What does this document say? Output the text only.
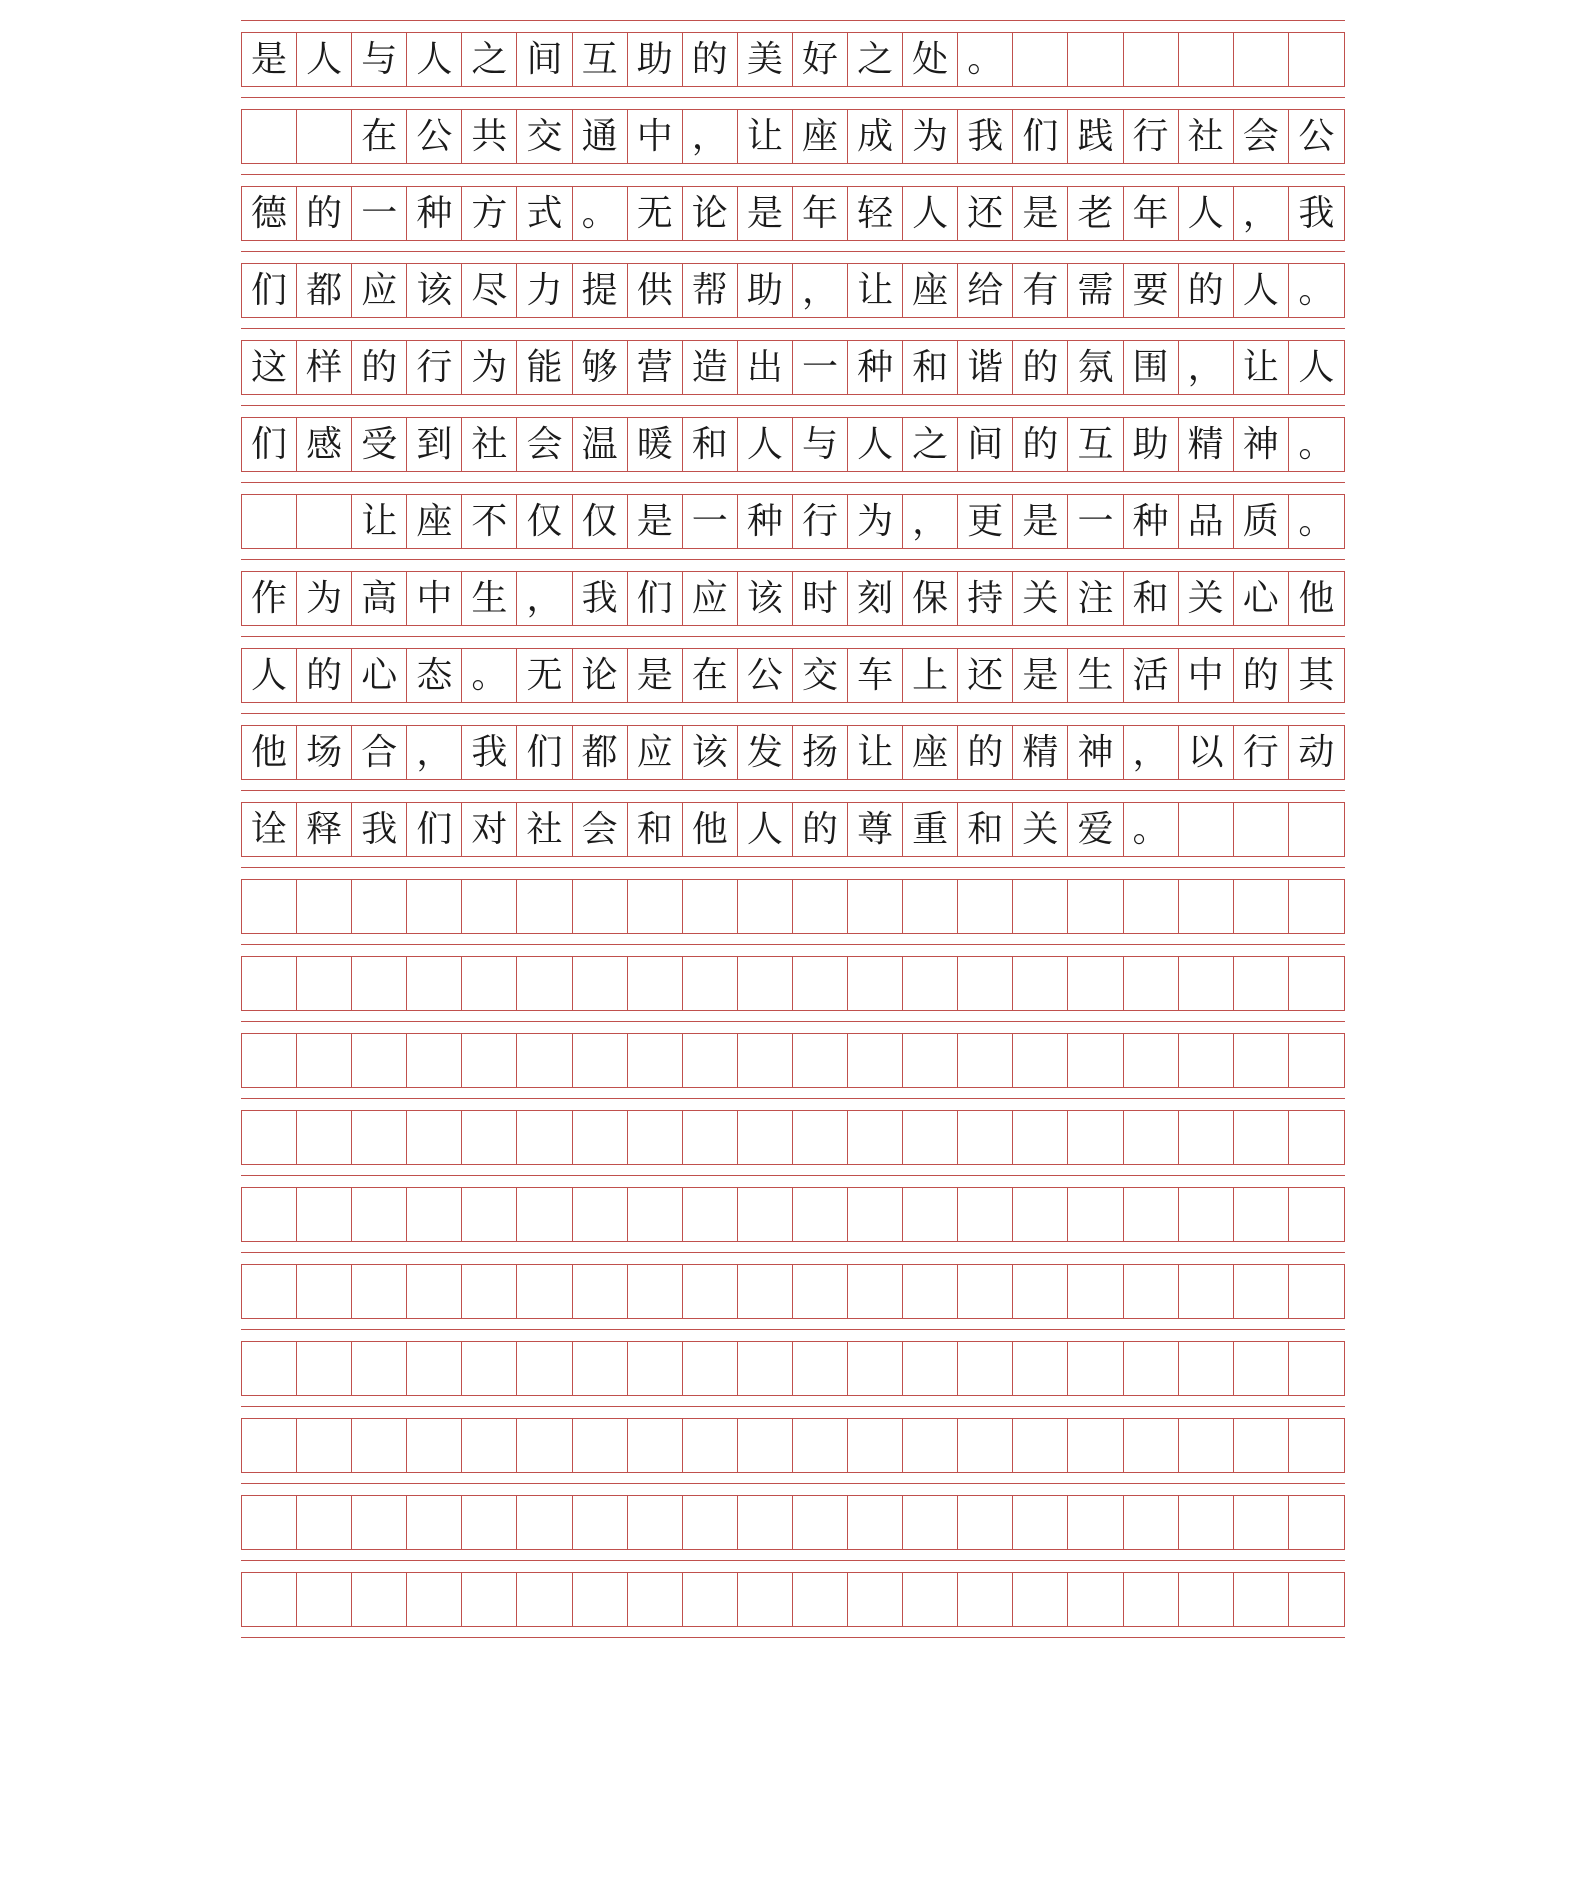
是 人 与 人 之 间 互 助 的 美 好 之 处 。
在 公 共 交 通 中 ， 让 座 成 为 我 们 践 行 社 会 公
德 的 一 种 方 式 。 无 论 是 年 轻 人 还 是 老 年 人 ， 我
们 都 应 该 尽 力 提 供 帮 助 ， 让 座 给 有 需 要 的 人 。
这 样 的 行 为 能 够 营 造 出 一 种 和 谐 的 氛 围 ， 让 人
们 感 受 到 社 会 温 暖 和 人 与 人 之 间 的 互 助 精 神 。
让 座 不 仅 仅 是 一 种 行 为 ， 更 是 一 种 品 质 。
作 为 高 中 生 ， 我 们 应 该 时 刻 保 持 关 注 和 关 心 他
人 的 心 态 。 无 论 是 在 公 交 车 上 还 是 生 活 中 的 其
他 场 合 ， 我 们 都 应 该 发 扬 让 座 的 精 神 ， 以 行 动
诠 释 我 们 对 社 会 和 他 人 的 尊 重 和 关 爱 。
